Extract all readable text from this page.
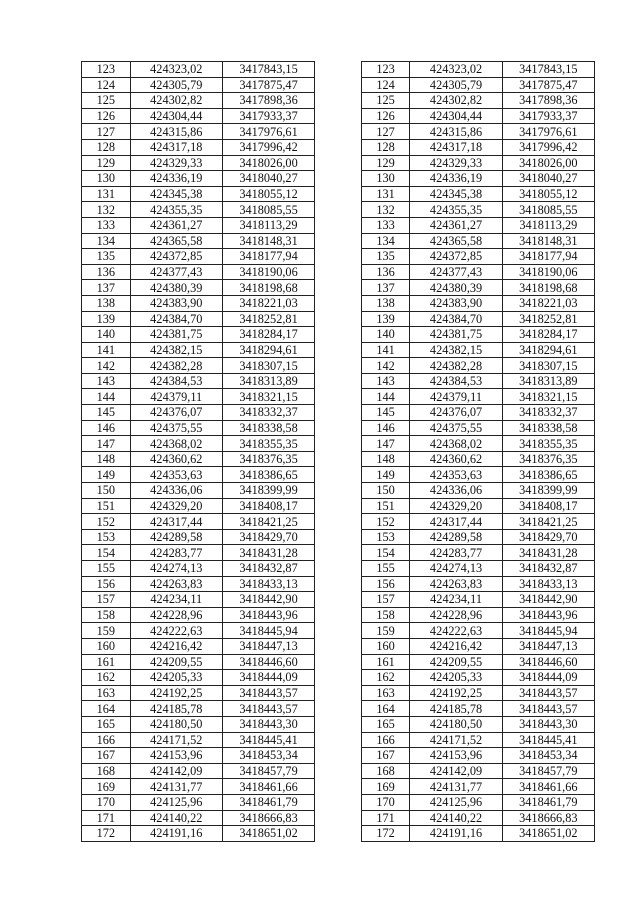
123	424323,02	3417843,15		123	424323,02	3417843,15
124	424305,79	3417875,47		124	424305,79	3417875,47
125	424302,82	3417898,36		125	424302,82	3417898,36
126	424304,44	3417933,37		126	424304,44	3417933,37
127	424315,86	3417976,61		127	424315,86	3417976,61
128	424317,18	3417996,42		128	424317,18	3417996,42
129	424329,33	3418026,00		129	424329,33	3418026,00
130	424336,19	3418040,27		130	424336,19	3418040,27
131	424345,38	3418055,12		131	424345,38	3418055,12
132	424355,35	3418085,55		132	424355,35	3418085,55
133	424361,27	3418113,29		133	424361,27	3418113,29
134	424365,58	3418148,31		134	424365,58	3418148,31
135	424372,85	3418177,94		135	424372,85	3418177,94
136	424377,43	3418190,06		136	424377,43	3418190,06
137	424380,39	3418198,68		137	424380,39	3418198,68
138	424383,90	3418221,03		138	424383,90	3418221,03
139	424384,70	3418252,81		139	424384,70	3418252,81
140	424381,75	3418284,17		140	424381,75	3418284,17
141	424382,15	3418294,61		141	424382,15	3418294,61
142	424382,28	3418307,15		142	424382,28	3418307,15
143	424384,53	3418313,89		143	424384,53	3418313,89
144	424379,11	3418321,15		144	424379,11	3418321,15
145	424376,07	3418332,37		145	424376,07	3418332,37
146	424375,55	3418338,58		146	424375,55	3418338,58
147	424368,02	3418355,35		147	424368,02	3418355,35
148	424360,62	3418376,35		148	424360,62	3418376,35
149	424353,63	3418386,65		149	424353,63	3418386,65
150	424336,06	3418399,99		150	424336,06	3418399,99
151	424329,20	3418408,17		151	424329,20	3418408,17
152	424317,44	3418421,25		152	424317,44	3418421,25
153	424289,58	3418429,70		153	424289,58	3418429,70
154	424283,77	3418431,28		154	424283,77	3418431,28
155	424274,13	3418432,87		155	424274,13	3418432,87
156	424263,83	3418433,13		156	424263,83	3418433,13
157	424234,11	3418442,90		157	424234,11	3418442,90
158	424228,96	3418443,96		158	424228,96	3418443,96
159	424222,63	3418445,94		159	424222,63	3418445,94
160	424216,42	3418447,13		160	424216,42	3418447,13
161	424209,55	3418446,60		161	424209,55	3418446,60
162	424205,33	3418444,09		162	424205,33	3418444,09
163	424192,25	3418443,57		163	424192,25	3418443,57
164	424185,78	3418443,57		164	424185,78	3418443,57
165	424180,50	3418443,30		165	424180,50	3418443,30
166	424171,52	3418445,41		166	424171,52	3418445,41
167	424153,96	3418453,34		167	424153,96	3418453,34
168	424142,09	3418457,79		168	424142,09	3418457,79
169	424131,77	3418461,66		169	424131,77	3418461,66
170	424125,96	3418461,79		170	424125,96	3418461,79
171	424140,22	3418666,83		171	424140,22	3418666,83
172	424191,16	3418651,02		172	424191,16	3418651,02
